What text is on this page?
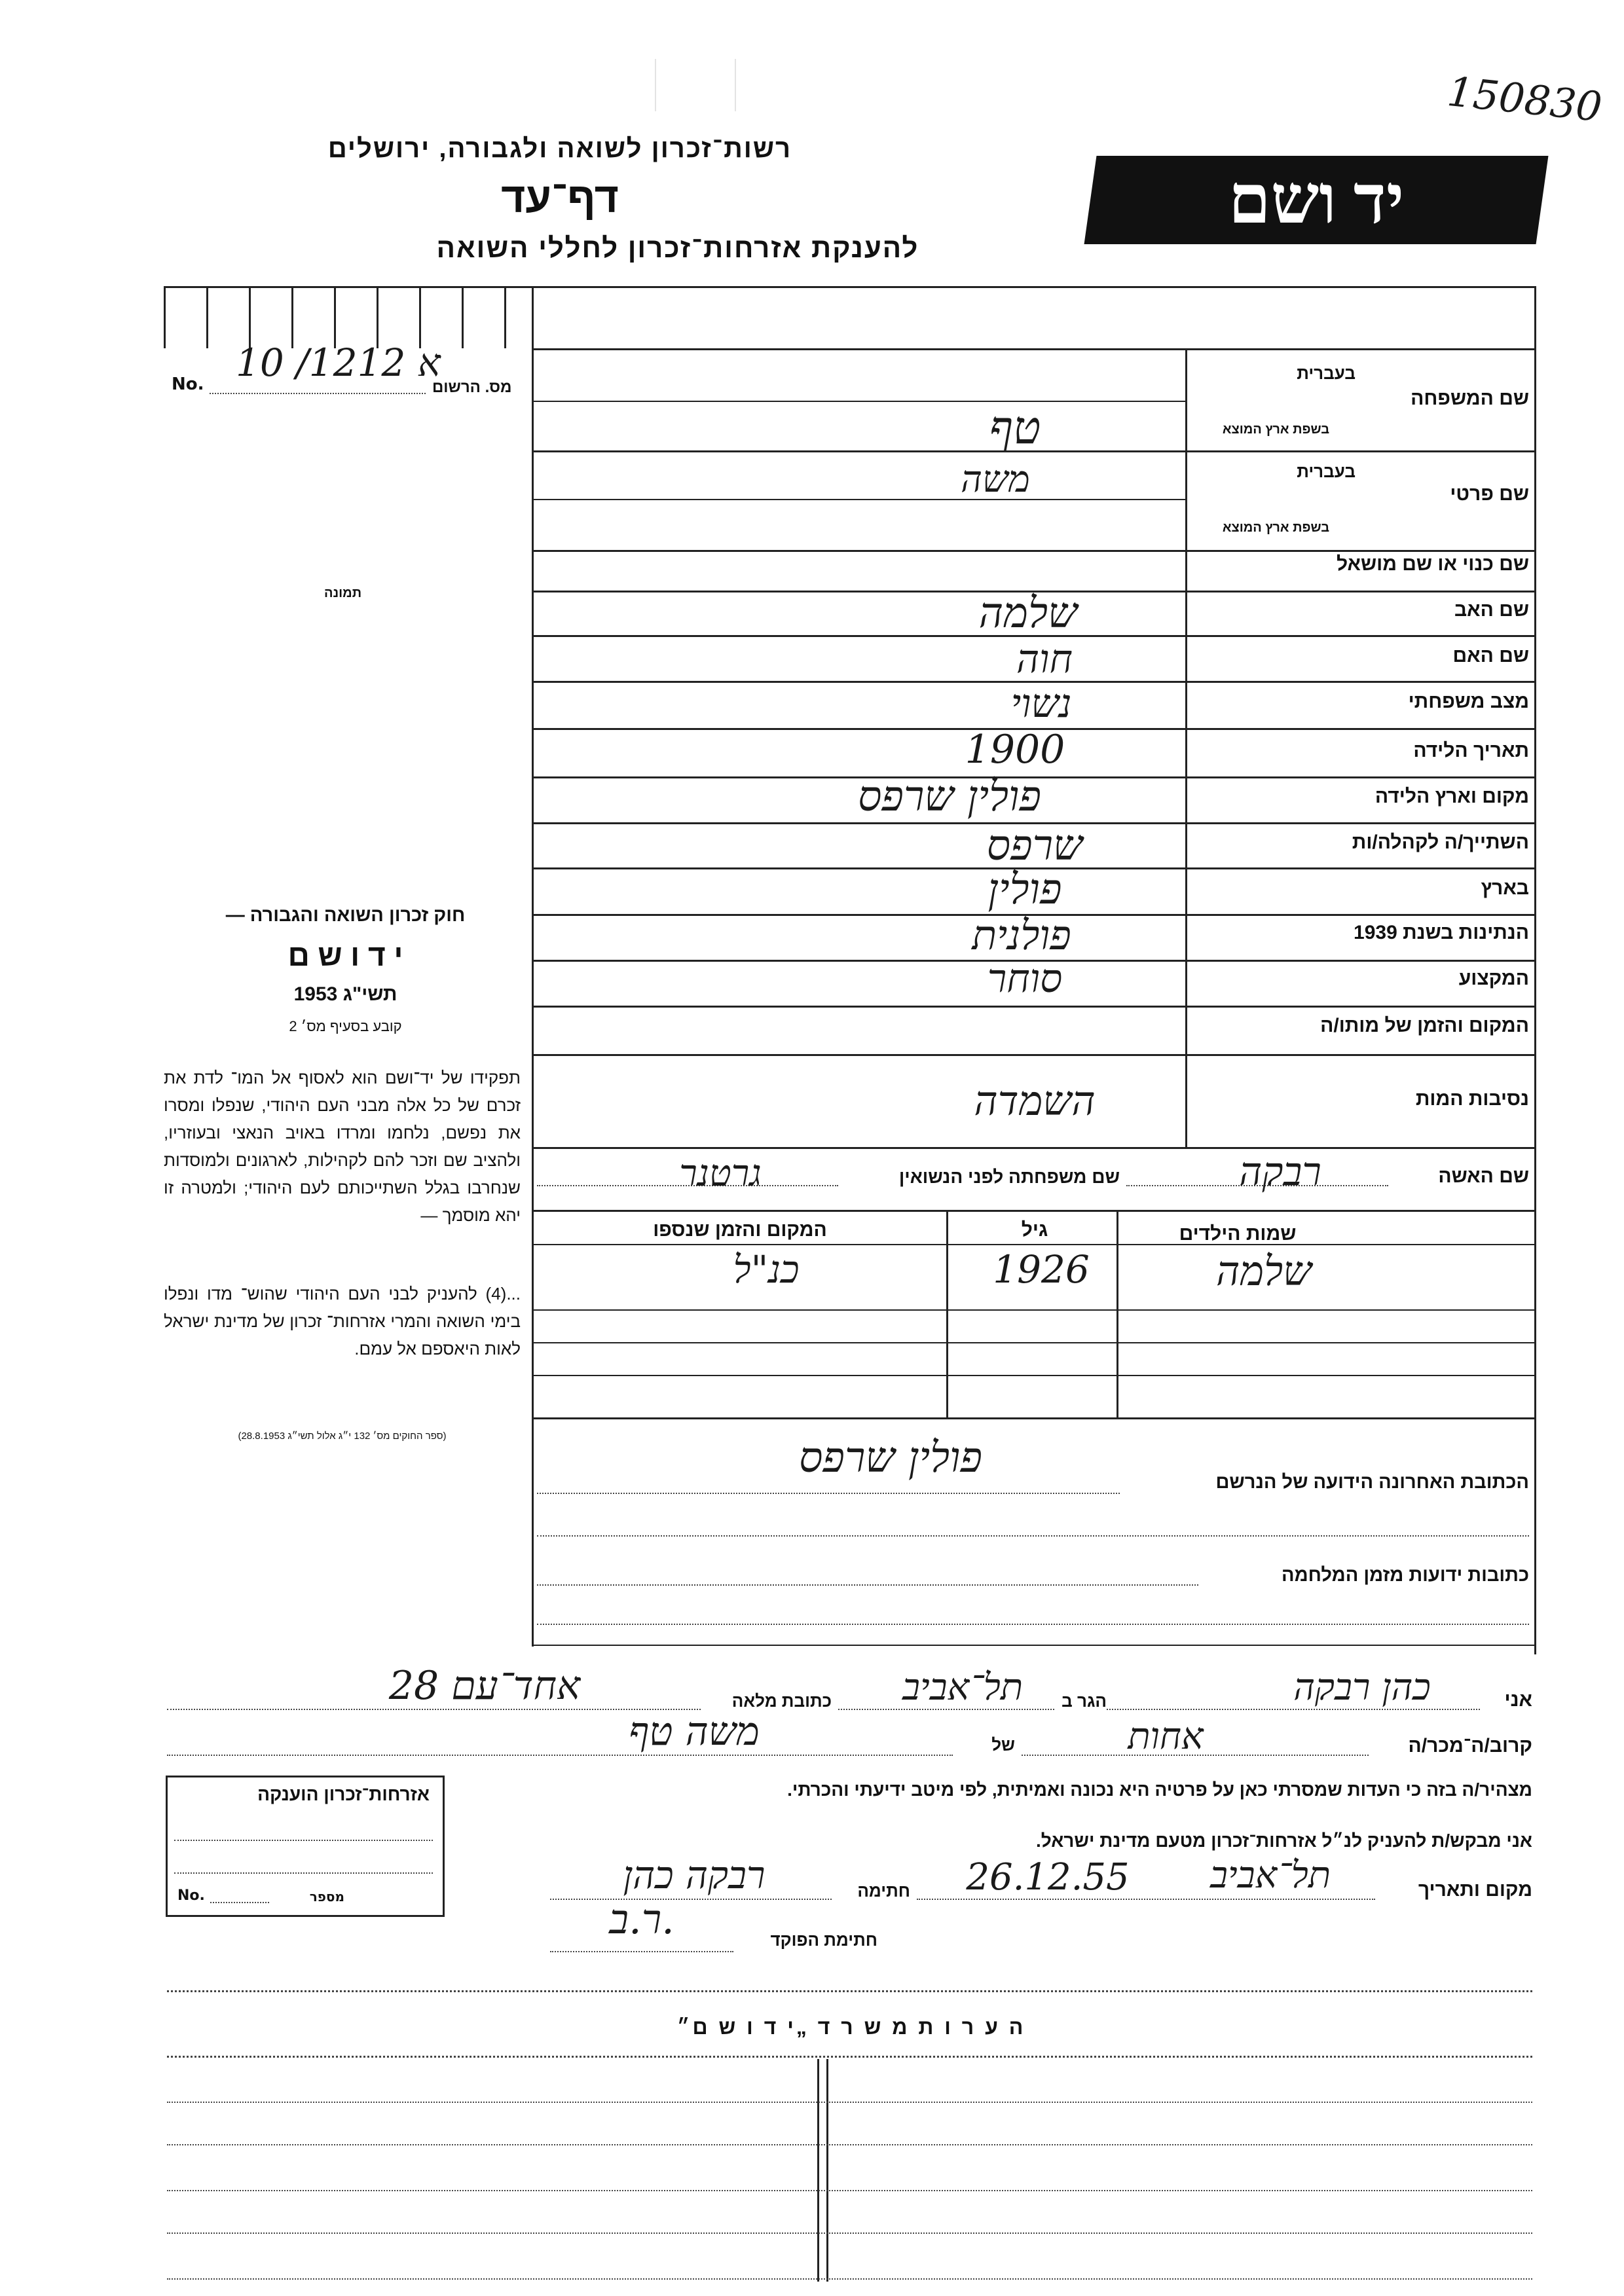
150830
רשות־זכרון לשואה ולגבורה, ירושלים
דף־עד
להענקת אזרחות־זכרון לחללי השואה
יד ושם
No. א 1212/ 10
מס. הרשום
תמונה
שם המשפחה
בעברית
בשפת ארץ המוצא
טף
שם פרטי
בעברית
בשפת ארץ המוצא
משה
שם כנוי או שם מושאל
שם האב
שלמה
שם האם
חוה
מצב משפחתי
נשוי
תאריך הלידה
1900
מקום וארץ הלידה
פולין שרפס
השתייך/ה לקהלה/ות
שרפס
בארץ
פולין
הנתינות בשנת 1939
פולנית
המקצוע
סוחר
המקום והזמן של מותו/ה
נסיבות המות
השמדה
שם האשה
רבקה
שם משפחתה לפני הנשואין
גרטנר
שמות הילדים
גיל
המקום והזמן שנספו
שלמה
1926
כנ"ל
הכתובת האחרונה הידועה של הנרשם
פולין שרפס
כתובות ידועות מזמן המלחמה
חוק זכרון השואה והגבורה —
י ד ו ש ם
תשי"ג 1953
קובע בסעיף מס׳ 2
תפקידו של יד־ושם הוא לאסוף אל המו־ לדת את זכרם של כל אלה מבני העם היהודי, שנפלו ומסרו את נפשם, נלחמו ומרדו באויב הנאצי ובעוזריו, ולהציב שם וזכר להם לקהילות, לארגונים ולמוסדות שנחרבו בגלל השתייכותם לעם היהודי; ולמטרה זו יהא מוסמך —
...(4) להעניק לבני העם היהודי שהוש־ מדו ונפלו בימי השואה והמרי אזרחות־ זכרון של מדינת ישראל לאות היאספם אל עמם.
(ספר החוקים מס׳ 132 י״ג אלול תשי״ג 28.8.1953)
אני
כהן רבקה
הגר ב
תל־אביב
כתובת מלאה
אחד־עם 28
קרוב/ה־מכר/ה
אחות
של
משה טף
מצהיר/ה בזה כי העדות שמסרתי כאן על פרטיה היא נכונה ואמיתית, לפי מיטב ידיעתי והכרתי.
אני מבקש/ת להעניק לנ״ל אזרחות־זכרון מטעם מדינת ישראל.
מקום ותאריך
תל־אביב
26.12.55
חתימה
רבקה כהן
חתימת הפוקד
ר.ב.
אזרחות־זכרון הוענקה
No.	מספר
ה ע ר ו ת מ ש ר ד „י ד ו ש ם״
